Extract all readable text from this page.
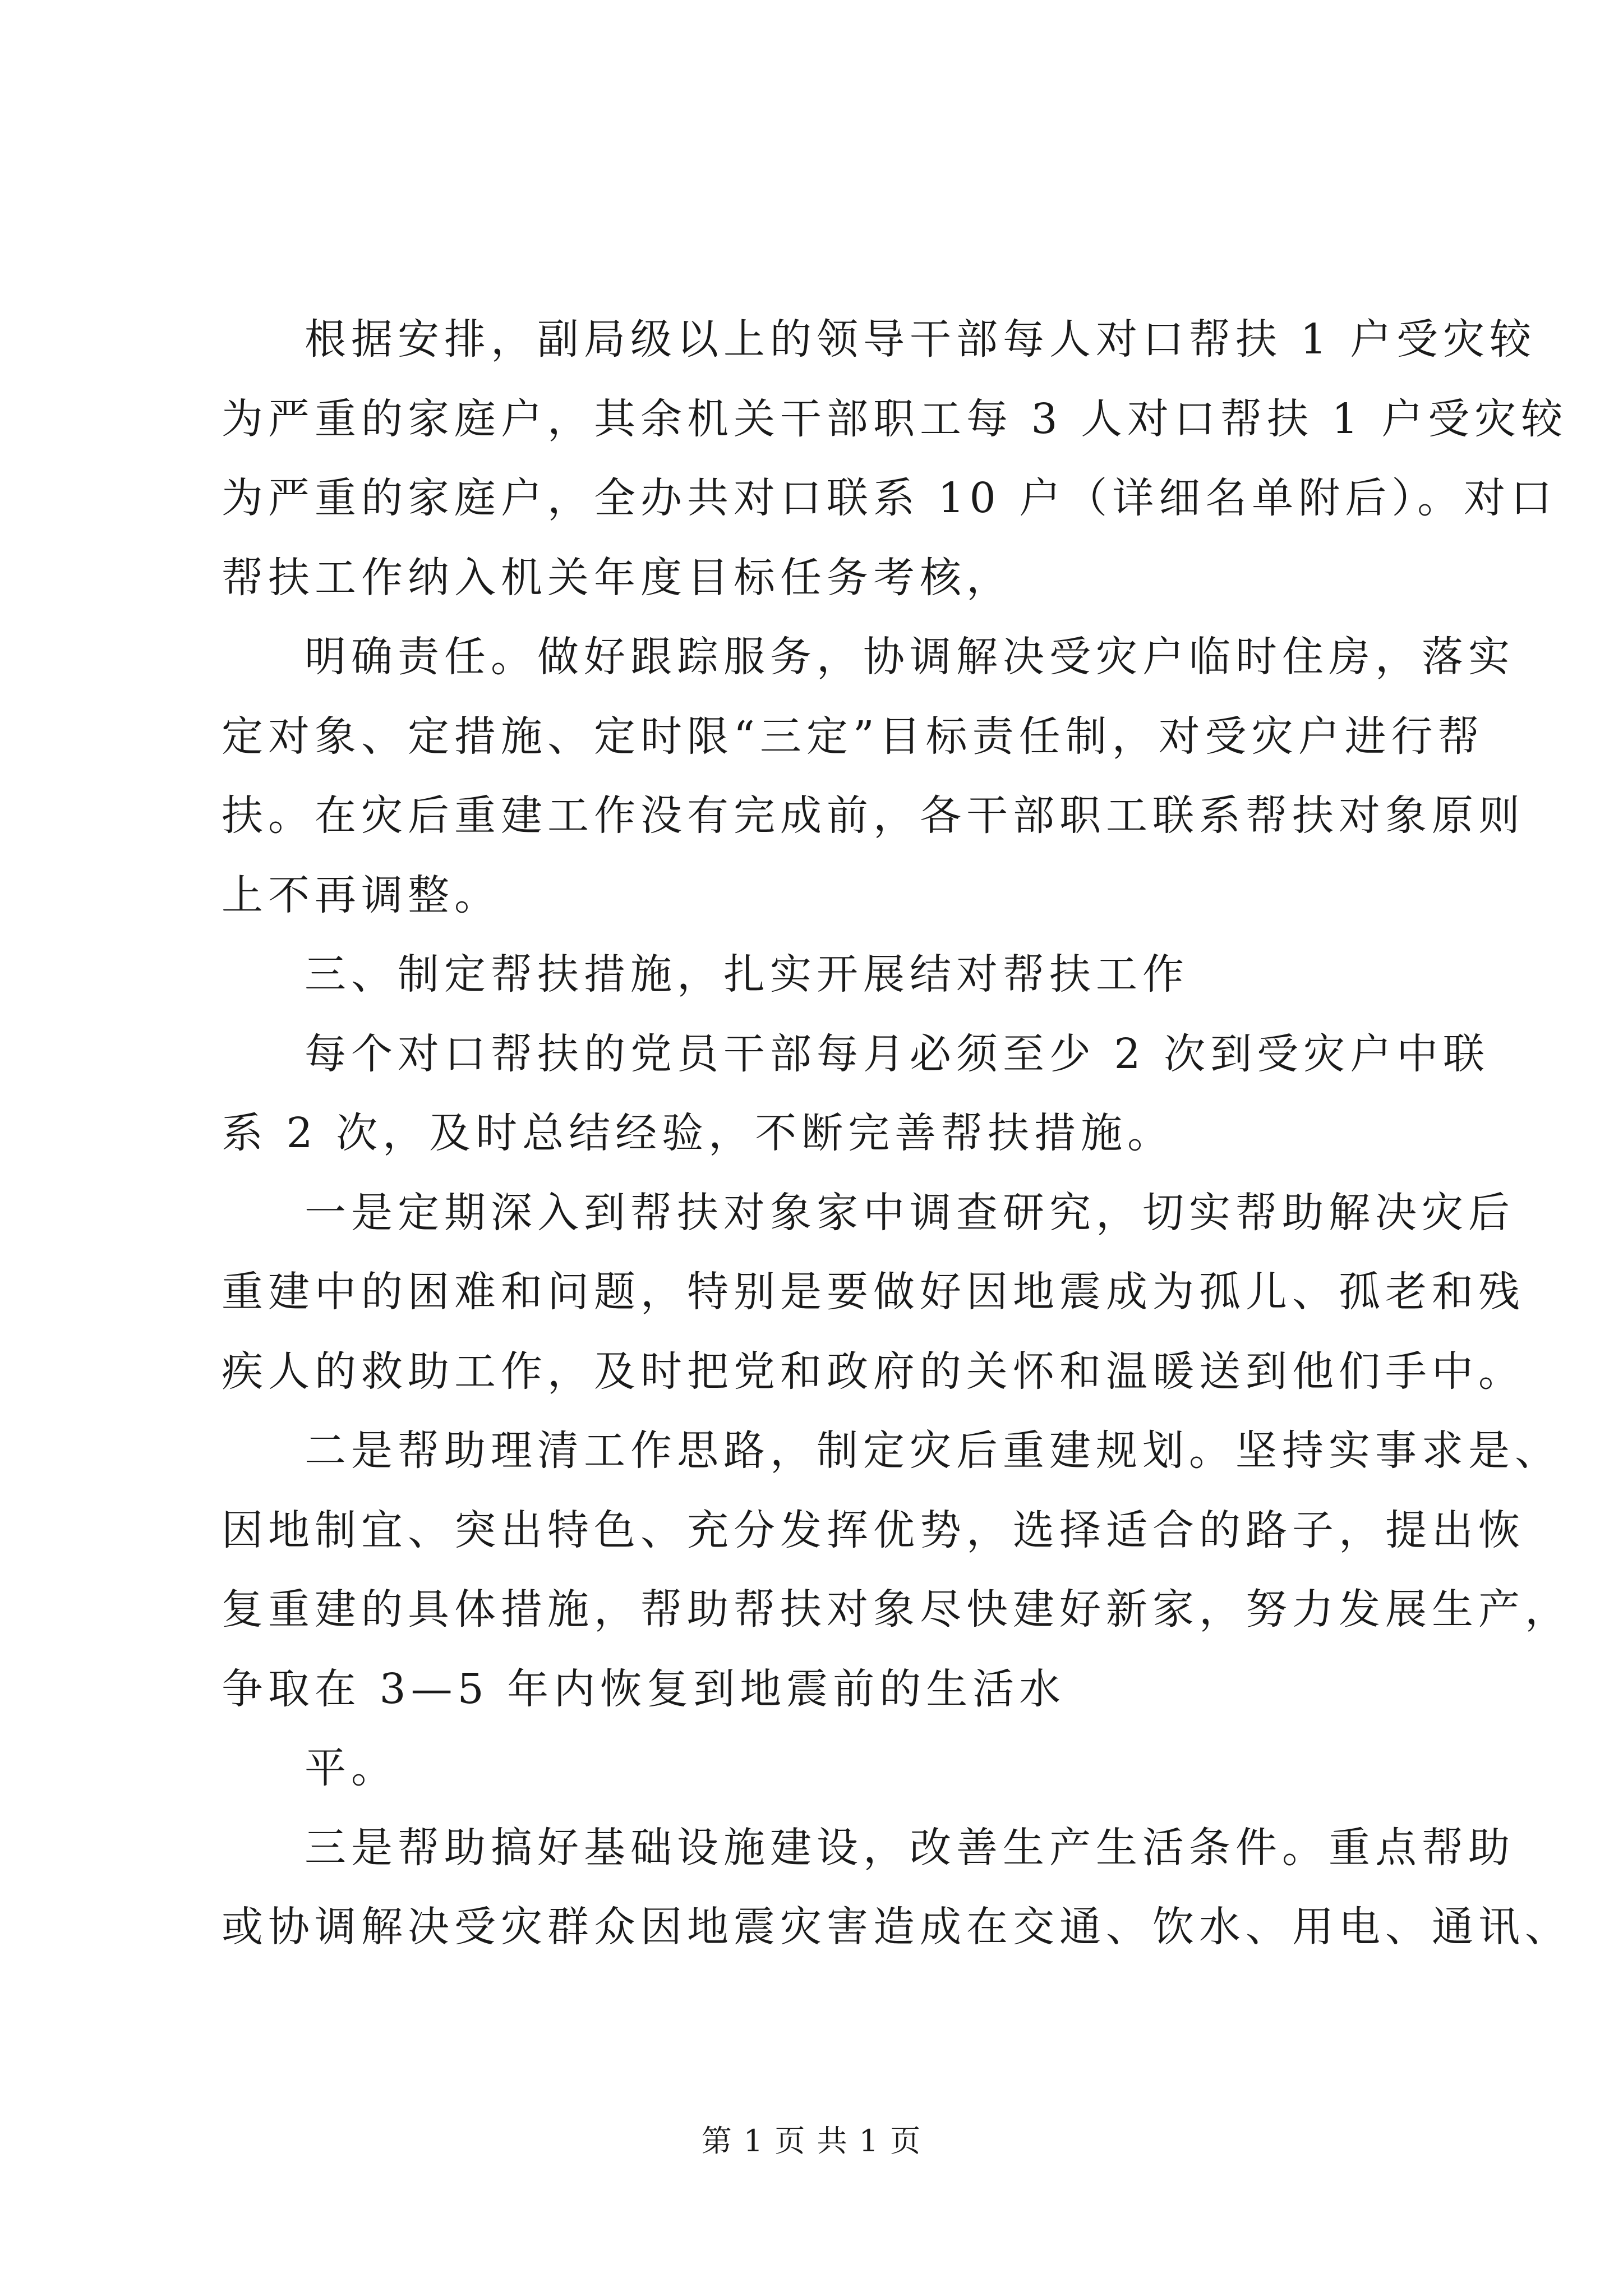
根据安排，副局级以上的领导干部每人对口帮扶 1 户受灾较
为严重的家庭户，其余机关干部职工每 3 人对口帮扶 1 户受灾较
为严重的家庭户，全办共对口联系 10 户（详细名单附后）。对口
帮扶工作纳入机关年度目标任务考核，
明确责任。做好跟踪服务，协调解决受灾户临时住房，落实
定对象、定措施、定时限“三定”目标责任制，对受灾户进行帮
扶。在灾后重建工作没有完成前，各干部职工联系帮扶对象原则
上不再调整。
三、制定帮扶措施，扎实开展结对帮扶工作
每个对口帮扶的党员干部每月必须至少 2 次到受灾户中联
系 2 次，及时总结经验，不断完善帮扶措施。
一是定期深入到帮扶对象家中调查研究，切实帮助解决灾后
重建中的困难和问题，特别是要做好因地震成为孤儿、孤老和残
疾人的救助工作，及时把党和政府的关怀和温暖送到他们手中。
二是帮助理清工作思路，制定灾后重建规划。坚持实事求是、
因地制宜、突出特色、充分发挥优势，选择适合的路子，提出恢
复重建的具体措施，帮助帮扶对象尽快建好新家，努力发展生产，
争取在 3—5 年内恢复到地震前的生活水
平。
三是帮助搞好基础设施建设，改善生产生活条件。重点帮助
或协调解决受灾群众因地震灾害造成在交通、饮水、用电、通讯、
第 1 页 共 1 页
